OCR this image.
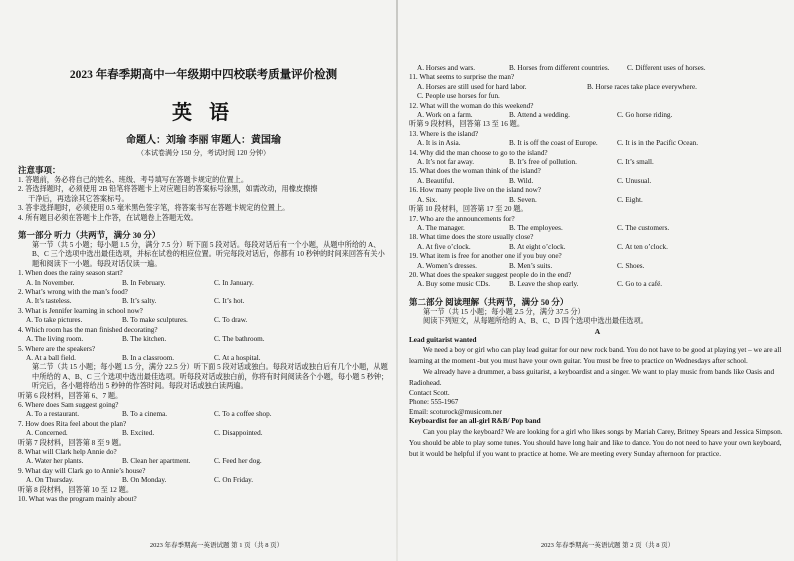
2023 年春季期高中一年级期中四校联考质量评价检测
英 语
命题人：刘瑜 李丽 审题人：黄国瑜
（本试卷满分 150 分，考试时间 120 分钟）
注意事项：
1. 答题前，务必将自己的姓名、班级、考号填写在答题卡规定的位置上。
2. 答选择题时，必须使用 2B 铅笔将答题卡上对应题目的答案标号涂黑，如需改动，用橡皮擦擦
干净后，再选涂其它答案标号。
3. 答非选择题时，必须使用 0.5 毫米黑色签字笔，将答案书写在答题卡规定的位置上。
4. 所有题目必须在答题卡上作答，在试题卷上答题无效。
第一部分 听力（共两节，满分 30 分）
第一节（共 5 小题；每小题 1.5 分，满分 7.5 分）听下面 5 段对话。每段对话后有一个小题，从题中所给的 A、B、C 三个选项中选出最佳选项，并标在试卷的相应位置。听完每段对话后，你都有 10 秒钟的时间来回答有关小题和阅读下一小题。每段对话仅读一遍。
1. When does the rainy season start?
A. In November.	B. In February.	C. In January.
2. What’s wrong with the man’s food?
A. It’s tasteless.	B. It’s salty.	C. It’s hot.
3. What is Jennifer learning in school now?
A. To take pictures.	B. To make sculptures.	C. To draw.
4. Which room has the man finished decorating?
A. The living room.	B. The kitchen.	C. The bathroom.
5. Where are the speakers?
A. At a ball field.	B. In a classroom.	C. At a hospital.
第二节（共 15 小题；每小题 1.5 分，满分 22.5 分）听下面 5 段对话或独白。每段对话或独白后有几个小题，从题中所给的 A、B、C 三个选项中选出最佳选项。听每段对话或独白前，你将有时间阅读各个小题，每小题 5 秒钟；听完后，各小题将给出 5 秒钟的作答时间。每段对话或独白读两遍。
听第 6 段材料，回答第 6、7 题。
6. Where does Sam suggest going?
A. To a restaurant.	B. To a cinema.	C. To a coffee shop.
7. How does Rita feel about the plan?
A. Concerned.	B. Excited.	C. Disappointed.
听第 7 段材料，回答第 8 至 9 题。
8. What will Clark help Annie do?
A. Water her plants.	B. Clean her apartment.	C. Feed her dog.
9. What day will Clark go to Annie’s house?
A. On Thursday.	B. On Monday.	C. On Friday.
听第 8 段材料，回答第 10 至 12 题。
10. What was the program mainly about?
2023 年春季期高一英语试题 第 1 页（共 8 页）
A. Horses and wars.	B. Horses from different countries.	C. Different uses of horses.
11. What seems to surprise the man?
A. Horses are still used for hard labor.	B. Horse races take place everywhere.
C. People use horses for fun.
12. What will the woman do this weekend?
A. Work on a farm.	B. Attend a wedding.	C. Go horse riding.
听第 9 段材料，回答第 13 至 16 题。
13. Where is the island?
A. It is in Asia.	B. It is off the coast of Europe.	C. It is in the Pacific Ocean.
14. Why did the man choose to go to the island?
A. It’s not far away.	B. It’s free of pollution.	C. It’s small.
15. What does the woman think of the island?
A. Beautiful.	B. Wild.	C. Unusual.
16. How many people live on the island now?
A. Six.	B. Seven.	C. Eight.
听第 10 段材料，回答第 17 至 20 题。
17. Who are the announcements for?
A. The manager.	B. The employees.	C. The customers.
18. What time does the store usually close?
A. At five o’clock.	B. At eight o’clock.	C. At ten o’clock.
19. What item is free for another one if you buy one?
A. Women’s dresses.	B. Men’s suits.	C. Shoes.
20. What does the speaker suggest people do in the end?
A. Buy some music CDs.	B. Leave the shop early.	C. Go to a café.
第二部分 阅读理解（共两节，满分 50 分）
第一节（共 15 小题；每小题 2.5 分，满分 37.5 分）
阅读下列短文，从每题所给的 A、B、C、D 四个选项中选出最佳选项。
A
Lead guitarist wanted
We need a boy or girl who can play lead guitar for our new rock band. You do not have to be good at playing yet – we are all learning at the moment -but you must have your own guitar. You must be free to practice on Wednesdays after school.
We already have a drummer, a bass guitarist, a keyboardist and a singer. We want to play music from bands like Oasis and Radiohead.
Contact Scott.
Phone: 555-1967
Email: scoturock@musicom.ner
Keyboardist for an all-girl R&B/ Pop band
Can you play the keyboard? We are looking for a girl who likes songs by Mariah Carey, Britney Spears and Jessica Simpson. You should be able to play some tunes. You should have long hair and like to dance. You do not need to have your own keyboard, but it would be helpful if you want to practice at home. We are meeting every Sunday afternoon for practice.
2023 年春季期高一英语试题 第 2 页（共 8 页）
